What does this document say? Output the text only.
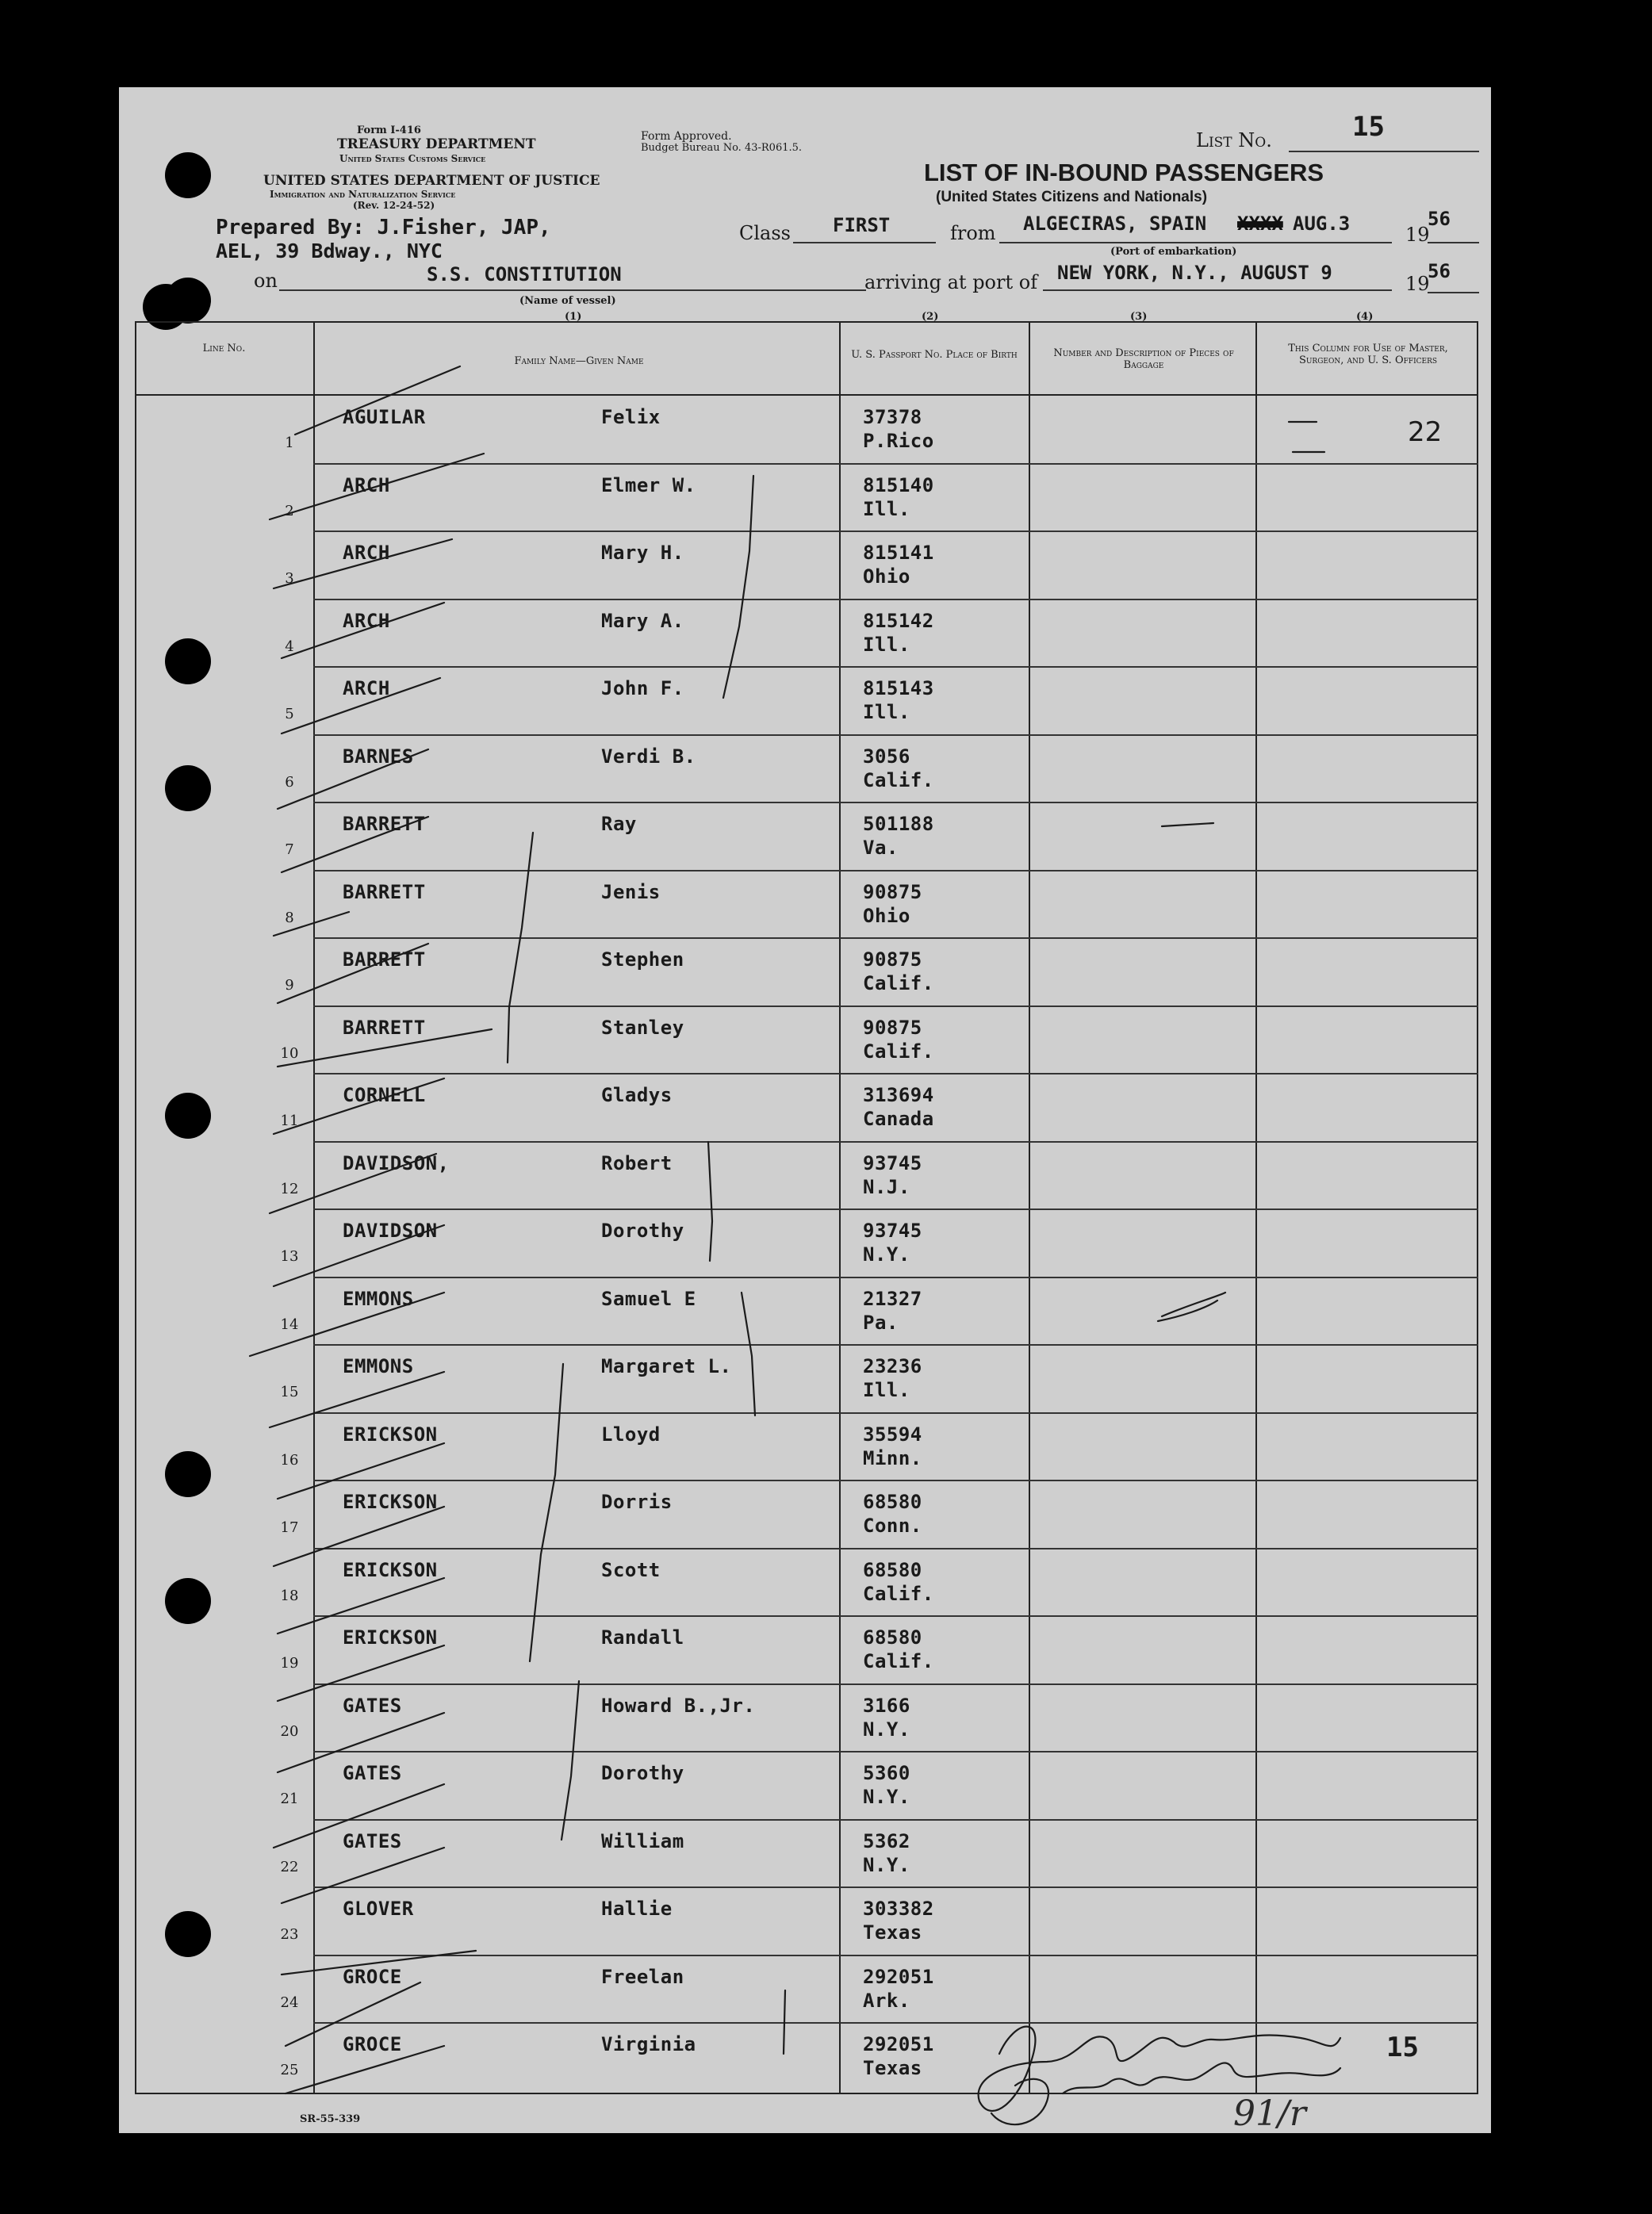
Form I-416
TREASURY DEPARTMENT
United States Customs Service
UNITED STATES DEPARTMENT OF JUSTICE
Immigration and Naturalization Service
(Rev. 12-24-52)
Form Approved.
Budget Bureau No. 43-R061.5.	List No.	15
LIST OF IN-BOUND PASSENGERS
(United States Citizens and Nationals)
Prepared By: J.Fisher, JAP,
AEL, 39 Bdway., NYC
Class FIRST	from ALGECIRAS, SPAIN XXXX AUG.3	19
56
(Port of embarkation)
on	S.S. CONSTITUTION
(Name of vessel)
arriving at port of NEW YORK, N.Y., AUGUST 9	19
56
(1)	(2)	(3)	(4)
Line No.
Family Name—Given Name
U. S. Passport No. Place of Birth	Number and Description of Pieces of Baggage
This Column for Use of Master, Surgeon, and U. S. Officers
1
AGUILAR	Felix	37378
P.Rico
2
ARCH	Elmer W.	815140
Ill.
3
ARCH	Mary H.	815141
Ohio
4
ARCH	Mary A.	815142
Ill.
5
ARCH	John F.	815143
Ill.
6
BARNES	Verdi B.	3056
Calif.
7
BARRETT	Ray	501188
Va.
8
BARRETT	Jenis	90875
Ohio
9
BARRETT	Stephen	90875
Calif.
10
BARRETT	Stanley	90875
Calif.
11
CORNELL	Gladys	313694
Canada
12
DAVIDSON,	Robert	93745
N.J.
13
DAVIDSON	Dorothy	93745
N.Y.
14
EMMONS	Samuel E	21327
Pa.
15
EMMONS	Margaret L.	23236
Ill.
16
ERICKSON	Lloyd	35594
Minn.
17
ERICKSON	Dorris	68580
Conn.
18
ERICKSON	Scott	68580
Calif.
19
ERICKSON	Randall	68580
Calif.
20
GATES	Howard B.,Jr.	3166
N.Y.
21
GATES	Dorothy	5360
N.Y.
22
GATES	William	5362
N.Y.
23
GLOVER	Hallie	303382
Texas
24
GROCE	Freelan	292051
Ark.
25
GROCE	Virginia	292051
Texas
22
15
91/r
SR-55-339
